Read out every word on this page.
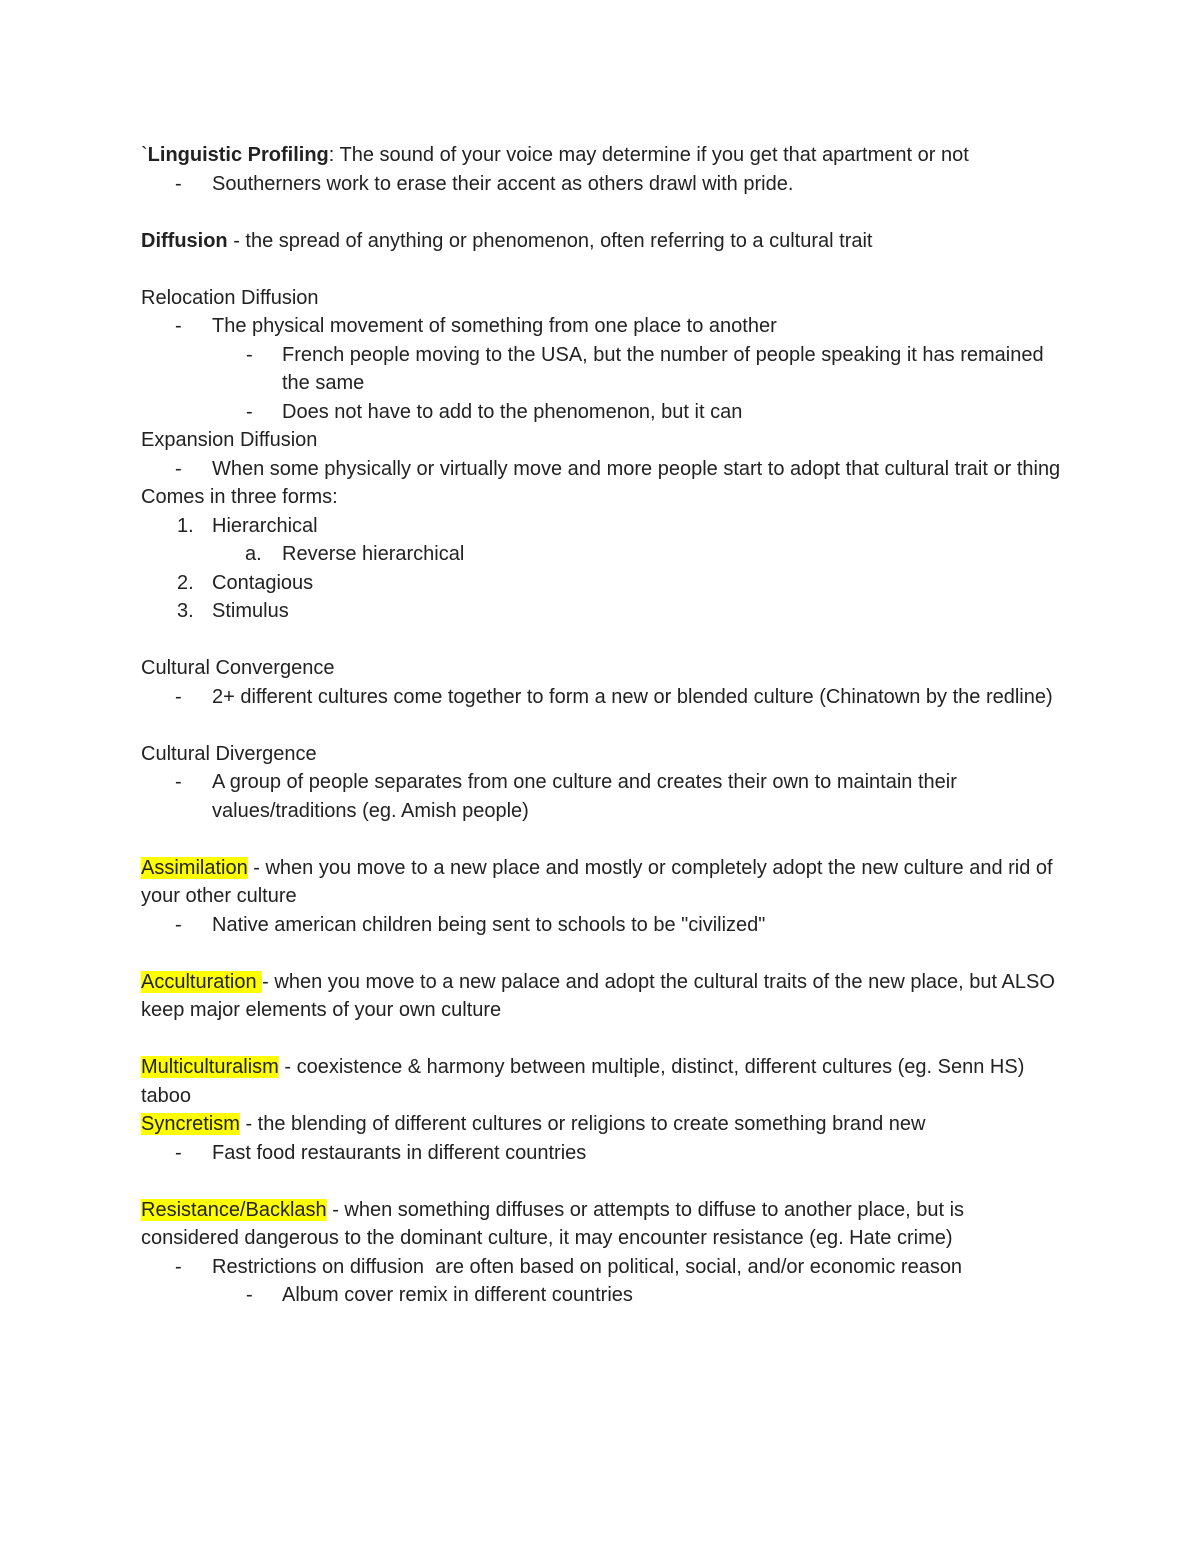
`Linguistic Profiling: The sound of your voice may determine if you get that apartment or not

-	Southerners work to erase their accent as others drawl with pride.

Diffusion - the spread of anything or phenomenon, often referring to a cultural trait

Relocation Diffusion

-	The physical movement of something from one place to another

-	French people moving to the USA, but the number of people speaking it has remained the same

-	Does not have to add to the phenomenon, but it can

Expansion Diffusion

-	When some physically or virtually move and more people start to adopt that cultural trait or thing

Comes in three forms:

1. Hierarchical

a. Reverse hierarchical

2. Contagious

3. Stimulus

Cultural Convergence

-	2+ different cultures come together to form a new or blended culture (Chinatown by the redline)

Cultural Divergence

-	A group of people separates from one culture and creates their own to maintain their values/traditions (eg. Amish people)

Assimilation - when you move to a new place and mostly or completely adopt the new culture and rid of your other culture

-	Native american children being sent to schools to be "civilized"

Acculturation - when you move to a new palace and adopt the cultural traits of the new place, but ALSO keep major elements of your own culture

Multiculturalism - coexistence & harmony between multiple, distinct, different cultures (eg. Senn HS)

taboo

Syncretism - the blending of different cultures or religions to create something brand new

-	Fast food restaurants in different countries

Resistance/Backlash - when something diffuses or attempts to diffuse to another place, but is considered dangerous to the dominant culture, it may encounter resistance (eg. Hate crime)

-	Restrictions on diffusion  are often based on political, social, and/or economic reason

-	Album cover remix in different countries
